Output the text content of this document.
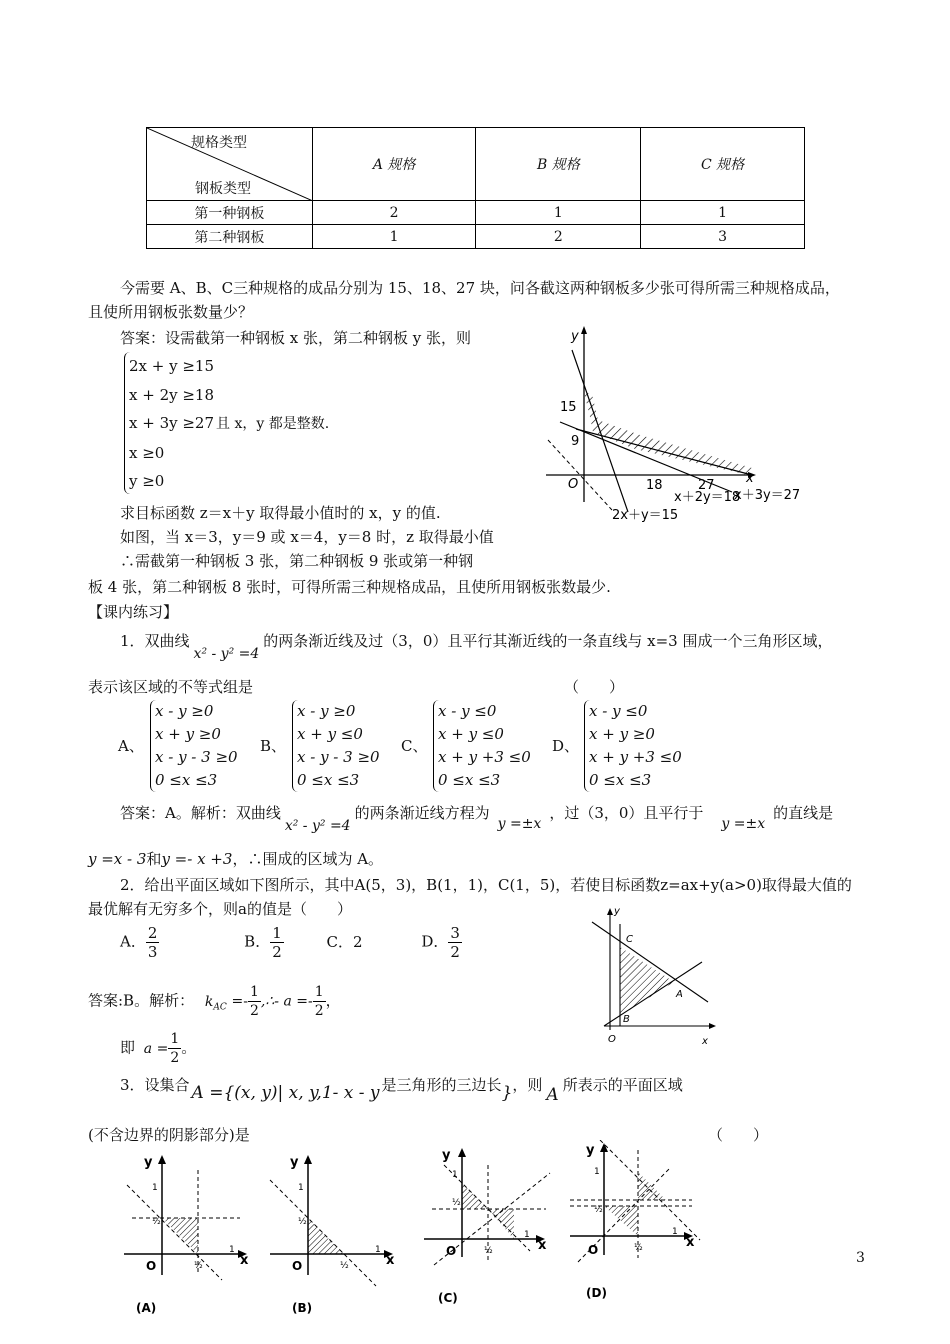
规格类型
钢板类型	A 规格	B 规格	C 规格
第一种钢板	2	1	1
第二种钢板	1	2	3
今需要 A、B、C三种规格的成品分别为 15、18、27 块，问各截这两种钢板多少张可得所需三种规格成品，
且使所用钢板张数量少？
答案：设需截第一种钢板 x 张，第二种钢板 y 张，则
2x + y ≥15
x + 2y ≥18
x + 3y ≥27 且 x，y 都是整数.
x ≥0
y ≥0
求目标函数 z＝x＋y 取得最小值时的 x，y 的值.
如图，当 x＝3，y＝9 或 x＝4，y＝8 时，z 取得最小值
∴需截第一种钢板 3 张，第二种钢板 9 张或第一种钢
板 4 张，第二种钢板 8 张时，可得所需三种规格成品，且使所用钢板张数最少.
y
x
O
15
9
18	27
x＋2y＝18
x＋3y＝27
2x＋y＝15
【课内练习】
1．双曲线x² - y² =4的两条渐近线及过（3，0）且平行其渐近线的一条直线与 x=3 围成一个三角形区域，
表示该区域的不等式组是	（　　）
A、
x - y ≥0
x + y ≥0
x - y - 3 ≥0
0 ≤x ≤3
B、
x - y ≥0
x + y ≤0
x - y - 3 ≥0
0 ≤x ≤3
C、
x - y ≤0
x + y ≤0
x + y +3 ≤0
0 ≤x ≤3
D、
x - y ≤0
x + y ≥0
x + y +3 ≤0
0 ≤x ≤3
答案：A。解析：双曲线x² - y² =4的两条渐近线方程为y =±x，过（3，0）且平行于y =±x的直线是
y =x - 3和y =- x +3，∴围成的区域为 A。
2．给出平面区域如下图所示，其中A(5，3)，B(1，1)，C(1，5)，若使目标函数z=ax+y(a>0)取得最大值的
最优解有无穷多个，则a的值是（　　）
A． $\frac{2}{3}$	B． $\frac{1}{2}$	C．2	D． $\frac{3}{2}$
答案:B。解析： $k_{AC} =- \frac{1}{2}$ ,∴- $a =- \frac{1}{2}$ ，
即 $a = \frac{1}{2}$ 。
y
x
O
A
B
C
3．设集合 A ={(x, y)| x, y,1- x - y 是三角形的三边长}，则 A 所表示的平面区域
(不含边界的阴影部分)是	（　　）
y
x
O
1
½
½
1
(A)
y
x
O
1
½
½
1
(B)
y
x
O
1
½
½
1
(C)
y
x
O
1
½
½
1
(D)
3
